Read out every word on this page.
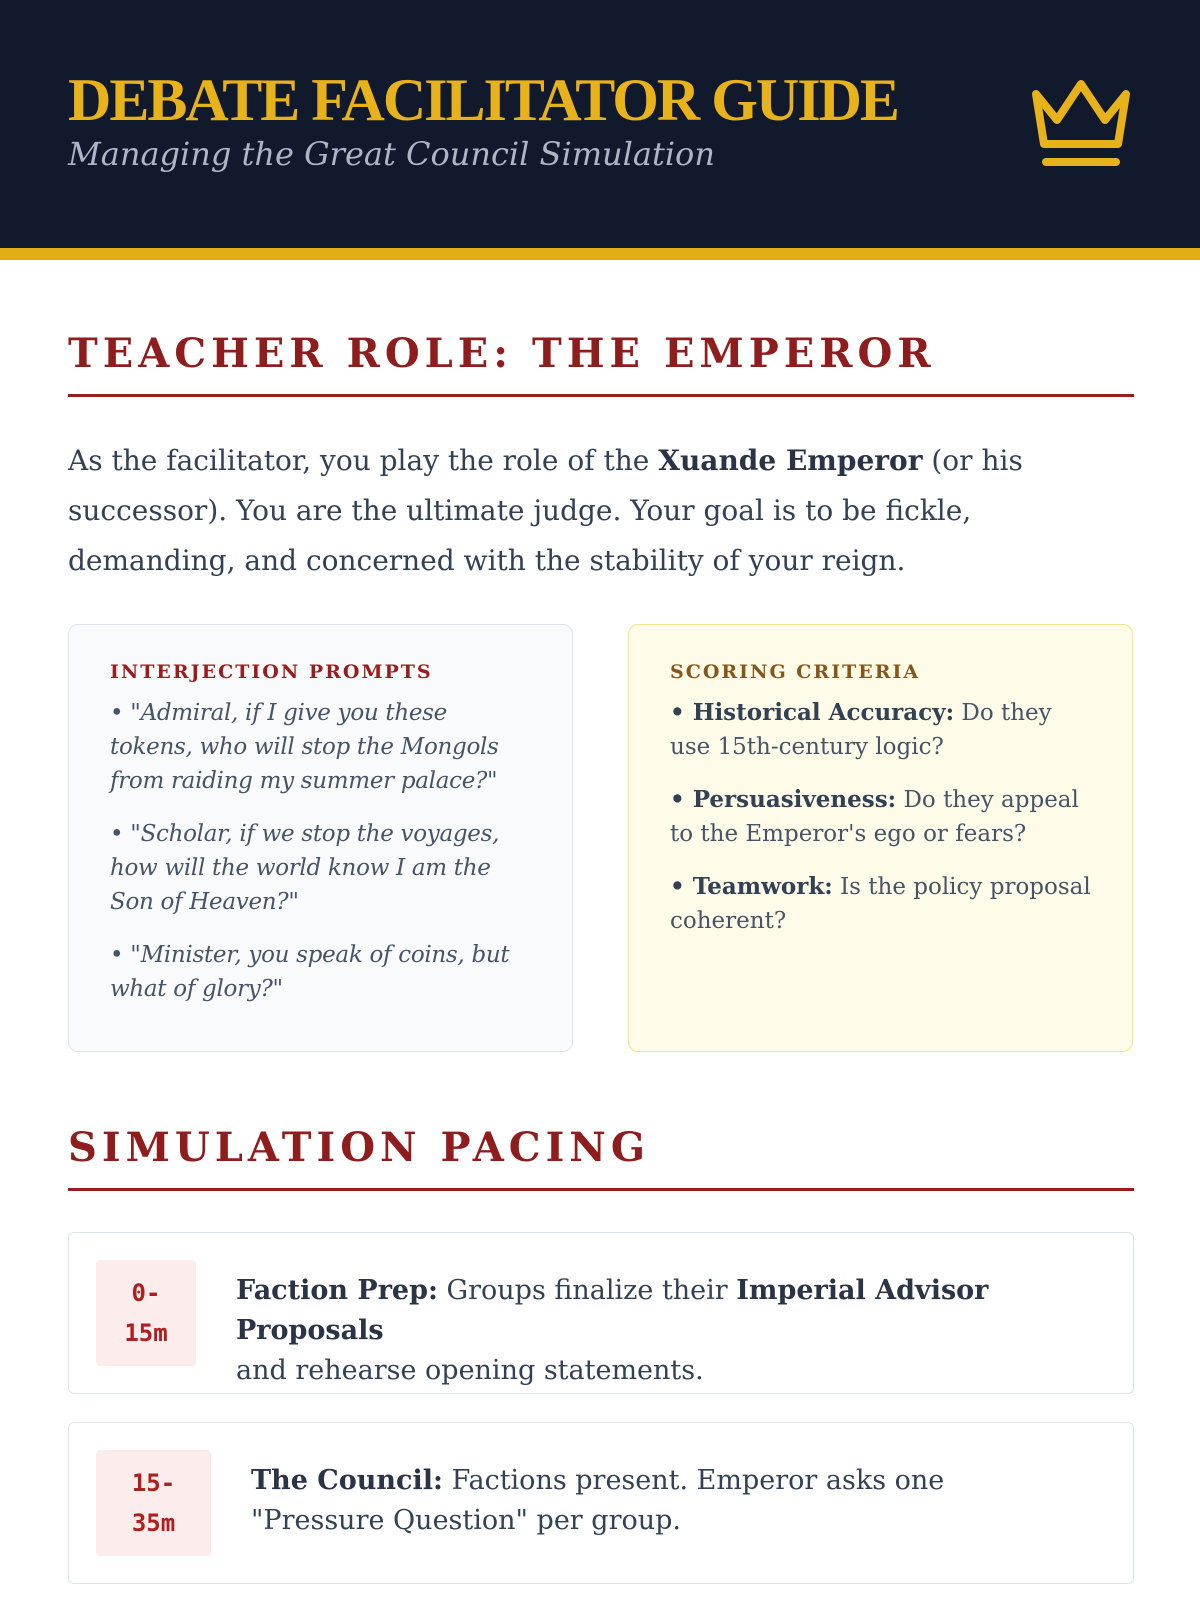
DEBATE FACILITATOR GUIDE
Managing the Great Council Simulation
TEACHER ROLE: THE EMPEROR
As the facilitator, you play the role of the Xuande Emperor (or his successor). You are the ultimate judge. Your goal is to be fickle, demanding, and concerned with the stability of your reign.
INTERJECTION PROMPTS
• "Admiral, if I give you these tokens, who will stop the Mongols from raiding my summer palace?"
• "Scholar, if we stop the voyages, how will the world know I am the Son of Heaven?"
• "Minister, you speak of coins, but what of glory?"
SCORING CRITERIA
• Historical Accuracy: Do they use 15th-century logic?
• Persuasiveness: Do they appeal to the Emperor's ego or fears?
• Teamwork: Is the policy proposal coherent?
SIMULATION PACING
0-
15m
Faction Prep: Groups finalize their Imperial Advisor Proposals
and rehearse opening statements.
15-
35m
The Council: Factions present. Emperor asks one "Pressure Question" per group.
